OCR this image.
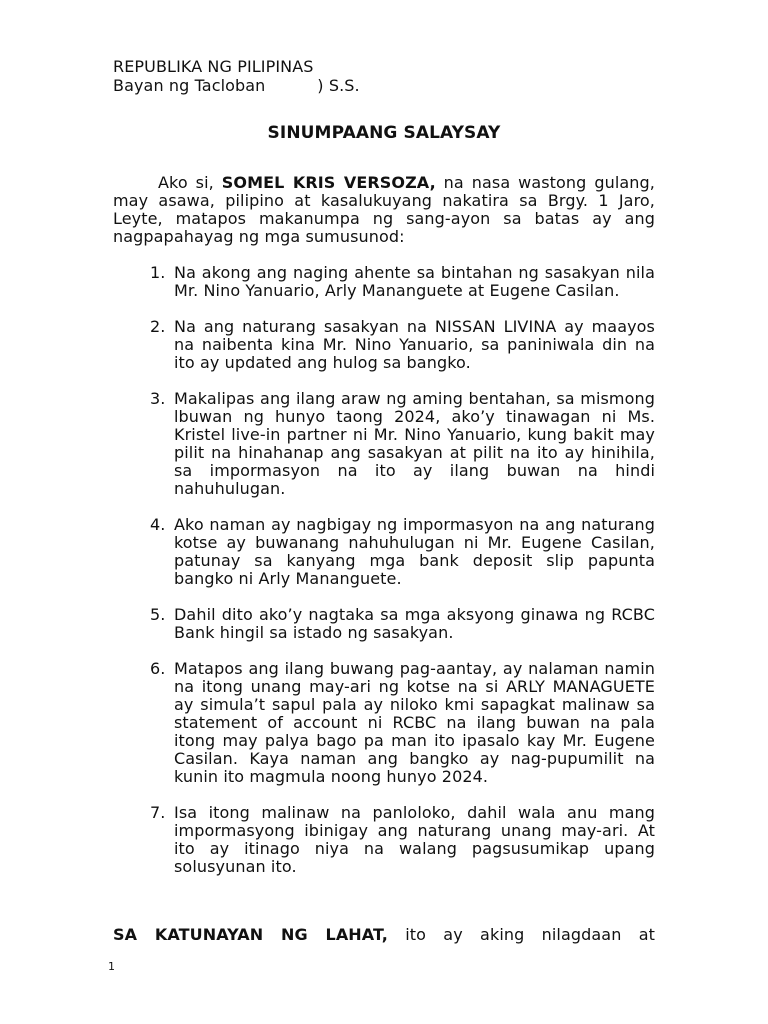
REPUBLIKA NG PILIPINAS
Bayan ng Tacloban          ) S.S.
SINUMPAANG SALAYSAY

Ako si, SOMEL KRIS VERSOZA, na nasa wastong gulang, may asawa, pilipino at kasalukuyang nakatira sa Brgy. 1 Jaro, Leyte, matapos makanumpa ng sang-ayon sa batas ay ang nagpapahayag ng mga sumusunod:

1. Na akong ang naging ahente sa bintahan ng sasakyan nila Mr. Nino Yanuario, Arly Mananguete at Eugene Casilan.
2. Na ang naturang sasakyan na NISSAN LIVINA ay maayos na naibenta kina Mr. Nino Yanuario, sa paniniwala din na ito ay updated ang hulog sa bangko.
3. Makalipas ang ilang araw ng aming bentahan, sa mismong lbuwan ng hunyo taong 2024, ako’y tinawagan ni Ms. Kristel live-in partner ni Mr. Nino Yanuario, kung bakit may pilit na hinahanap ang sasakyan at pilit na ito ay hinihila, sa impormasyon na ito ay ilang buwan na hindi nahuhulugan.
4. Ako naman ay nagbigay ng impormasyon na ang naturang kotse ay buwanang nahuhulugan ni Mr. Eugene Casilan, patunay sa kanyang mga bank deposit slip papunta bangko ni Arly Mananguete.
5. Dahil dito ako’y nagtaka sa mga aksyong ginawa ng RCBC Bank hingil sa istado ng sasakyan.
6. Matapos ang ilang buwang pag-aantay, ay nalaman namin na itong unang may-ari ng kotse na si ARLY MANAGUETE ay simula’t sapul pala ay niloko kmi sapagkat malinaw sa statement of account ni RCBC na ilang buwan na pala itong may palya bago pa man ito ipasalo kay Mr. Eugene Casilan. Kaya naman ang bangko ay nag-pupumilit na kunin ito magmula noong hunyo 2024.
7. Isa itong malinaw na panloloko, dahil wala anu mang impormasyong ibinigay ang naturang unang may-ari. At ito ay itinago niya na walang pagsusumikap upang solusyunan ito.

SA KATUNAYAN NG LAHAT, ito ay aking nilagdaan at

1
